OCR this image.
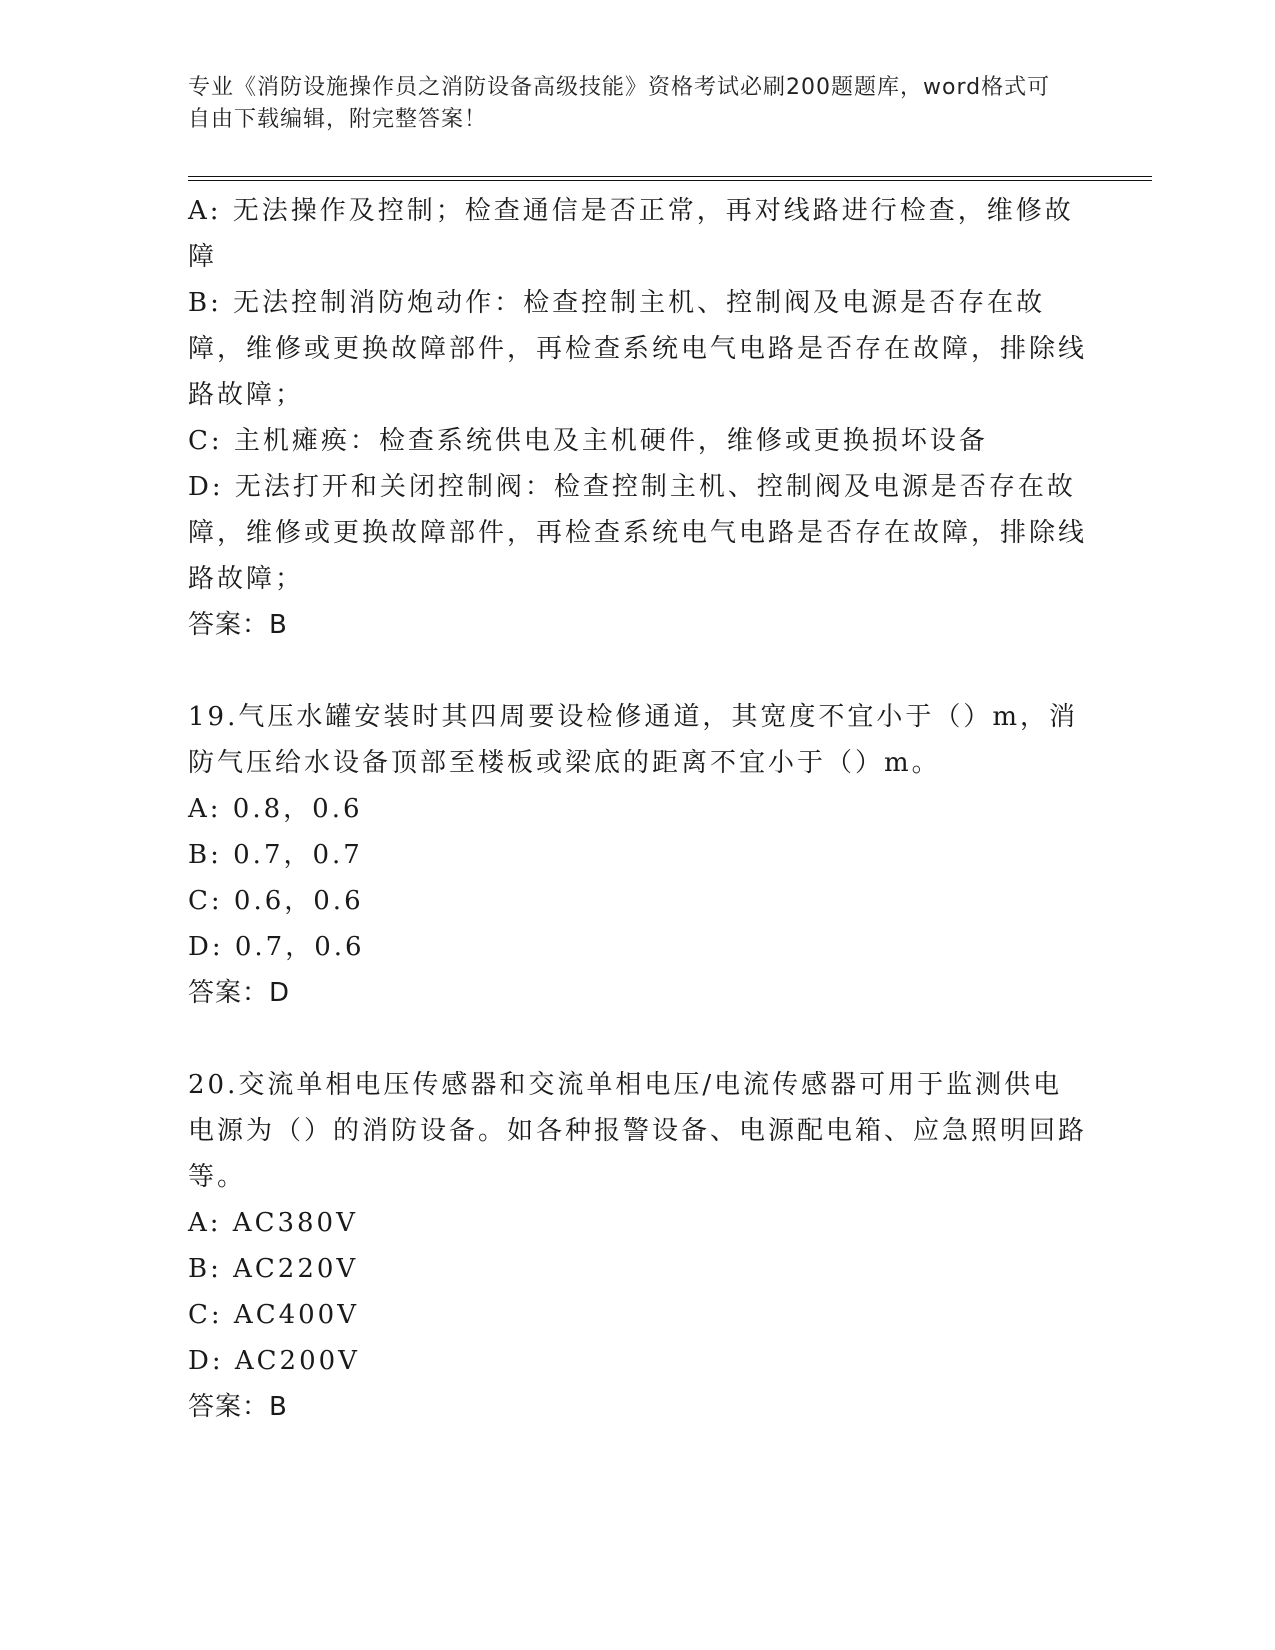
专业《消防设施操作员之消防设备高级技能》资格考试必刷200题题库，word格式可自由下载编辑，附完整答案！

A: 无法操作及控制；检查通信是否正常，再对线路进行检查，维修故障

B: 无法控制消防炮动作：检查控制主机、控制阀及电源是否存在故障，维修或更换故障部件，再检查系统电气电路是否存在故障，排除线路故障；

C: 主机瘫痪：检查系统供电及主机硬件，维修或更换损坏设备

D: 无法打开和关闭控制阀：检查控制主机、控制阀及电源是否存在故障，维修或更换故障部件，再检查系统电气电路是否存在故障，排除线路故障；

答案：B

19.气压水罐安装时其四周要设检修通道，其宽度不宜小于（）m，消防气压给水设备顶部至楼板或梁底的距离不宜小于（）m。

A: 0.8，0.6

B: 0.7，0.7

C: 0.6，0.6

D: 0.7，0.6

答案：D

20.交流单相电压传感器和交流单相电压/电流传感器可用于监测供电电源为（）的消防设备。如各种报警设备、电源配电箱、应急照明回路等。

A: AC380V

B: AC220V

C: AC400V

D: AC200V

答案：B
